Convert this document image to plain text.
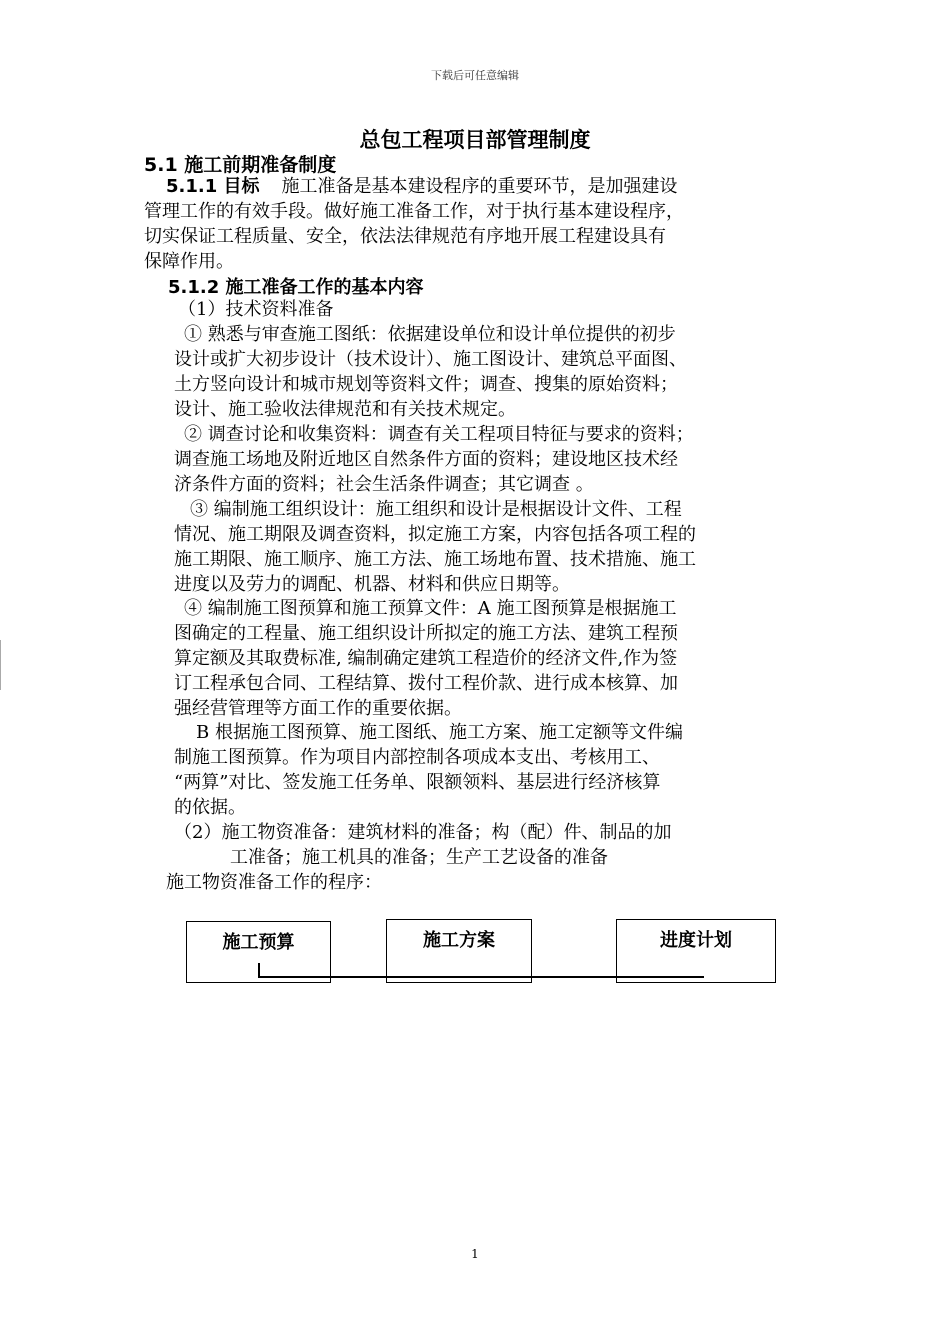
下载后可任意编辑
总包工程项目部管理制度
5.1 施工前期准备制度
5.1.1 目标 施工准备是基本建设程序的重要环节，是加强建设
管理工作的有效手段。做好施工准备工作，对于执行基本建设程序，
切实保证工程质量、安全，依法法律规范有序地开展工程建设具有
保障作用。
5.1.2 施工准备工作的基本内容
（1）技术资料准备
① 熟悉与审查施工图纸：依据建设单位和设计单位提供的初步
设计或扩大初步设计（技术设计）、施工图设计、建筑总平面图、
土方竖向设计和城市规划等资料文件；调查、搜集的原始资料；
设计、施工验收法律规范和有关技术规定。
② 调查讨论和收集资料：调查有关工程项目特征与要求的资料；
调查施工场地及附近地区自然条件方面的资料；建设地区技术经
济条件方面的资料；社会生活条件调查；其它调查 。
③ 编制施工组织设计：施工组织和设计是根据设计文件、工程
情况、施工期限及调查资料，拟定施工方案，内容包括各项工程的
施工期限、施工顺序、施工方法、施工场地布置、技术措施、施工
进度以及劳力的调配、机器、材料和供应日期等。
④ 编制施工图预算和施工预算文件：A 施工图预算是根据施工
图确定的工程量、施工组织设计所拟定的施工方法、建筑工程预
算定额及其取费标准, 编制确定建筑工程造价的经济文件,作为签
订工程承包合同、工程结算、拨付工程价款、进行成本核算、加
强经营管理等方面工作的重要依据。
B 根据施工图预算、施工图纸、施工方案、施工定额等文件编
制施工图预算。作为项目内部控制各项成本支出、考核用工、
“两算”对比、签发施工任务单、限额领料、基层进行经济核算
的依据。
（2）施工物资准备：建筑材料的准备；构（配）件、制品的加
工准备；施工机具的准备；生产工艺设备的准备
施工物资准备工作的程序：
施工预算	施工方案	进度计划
1
